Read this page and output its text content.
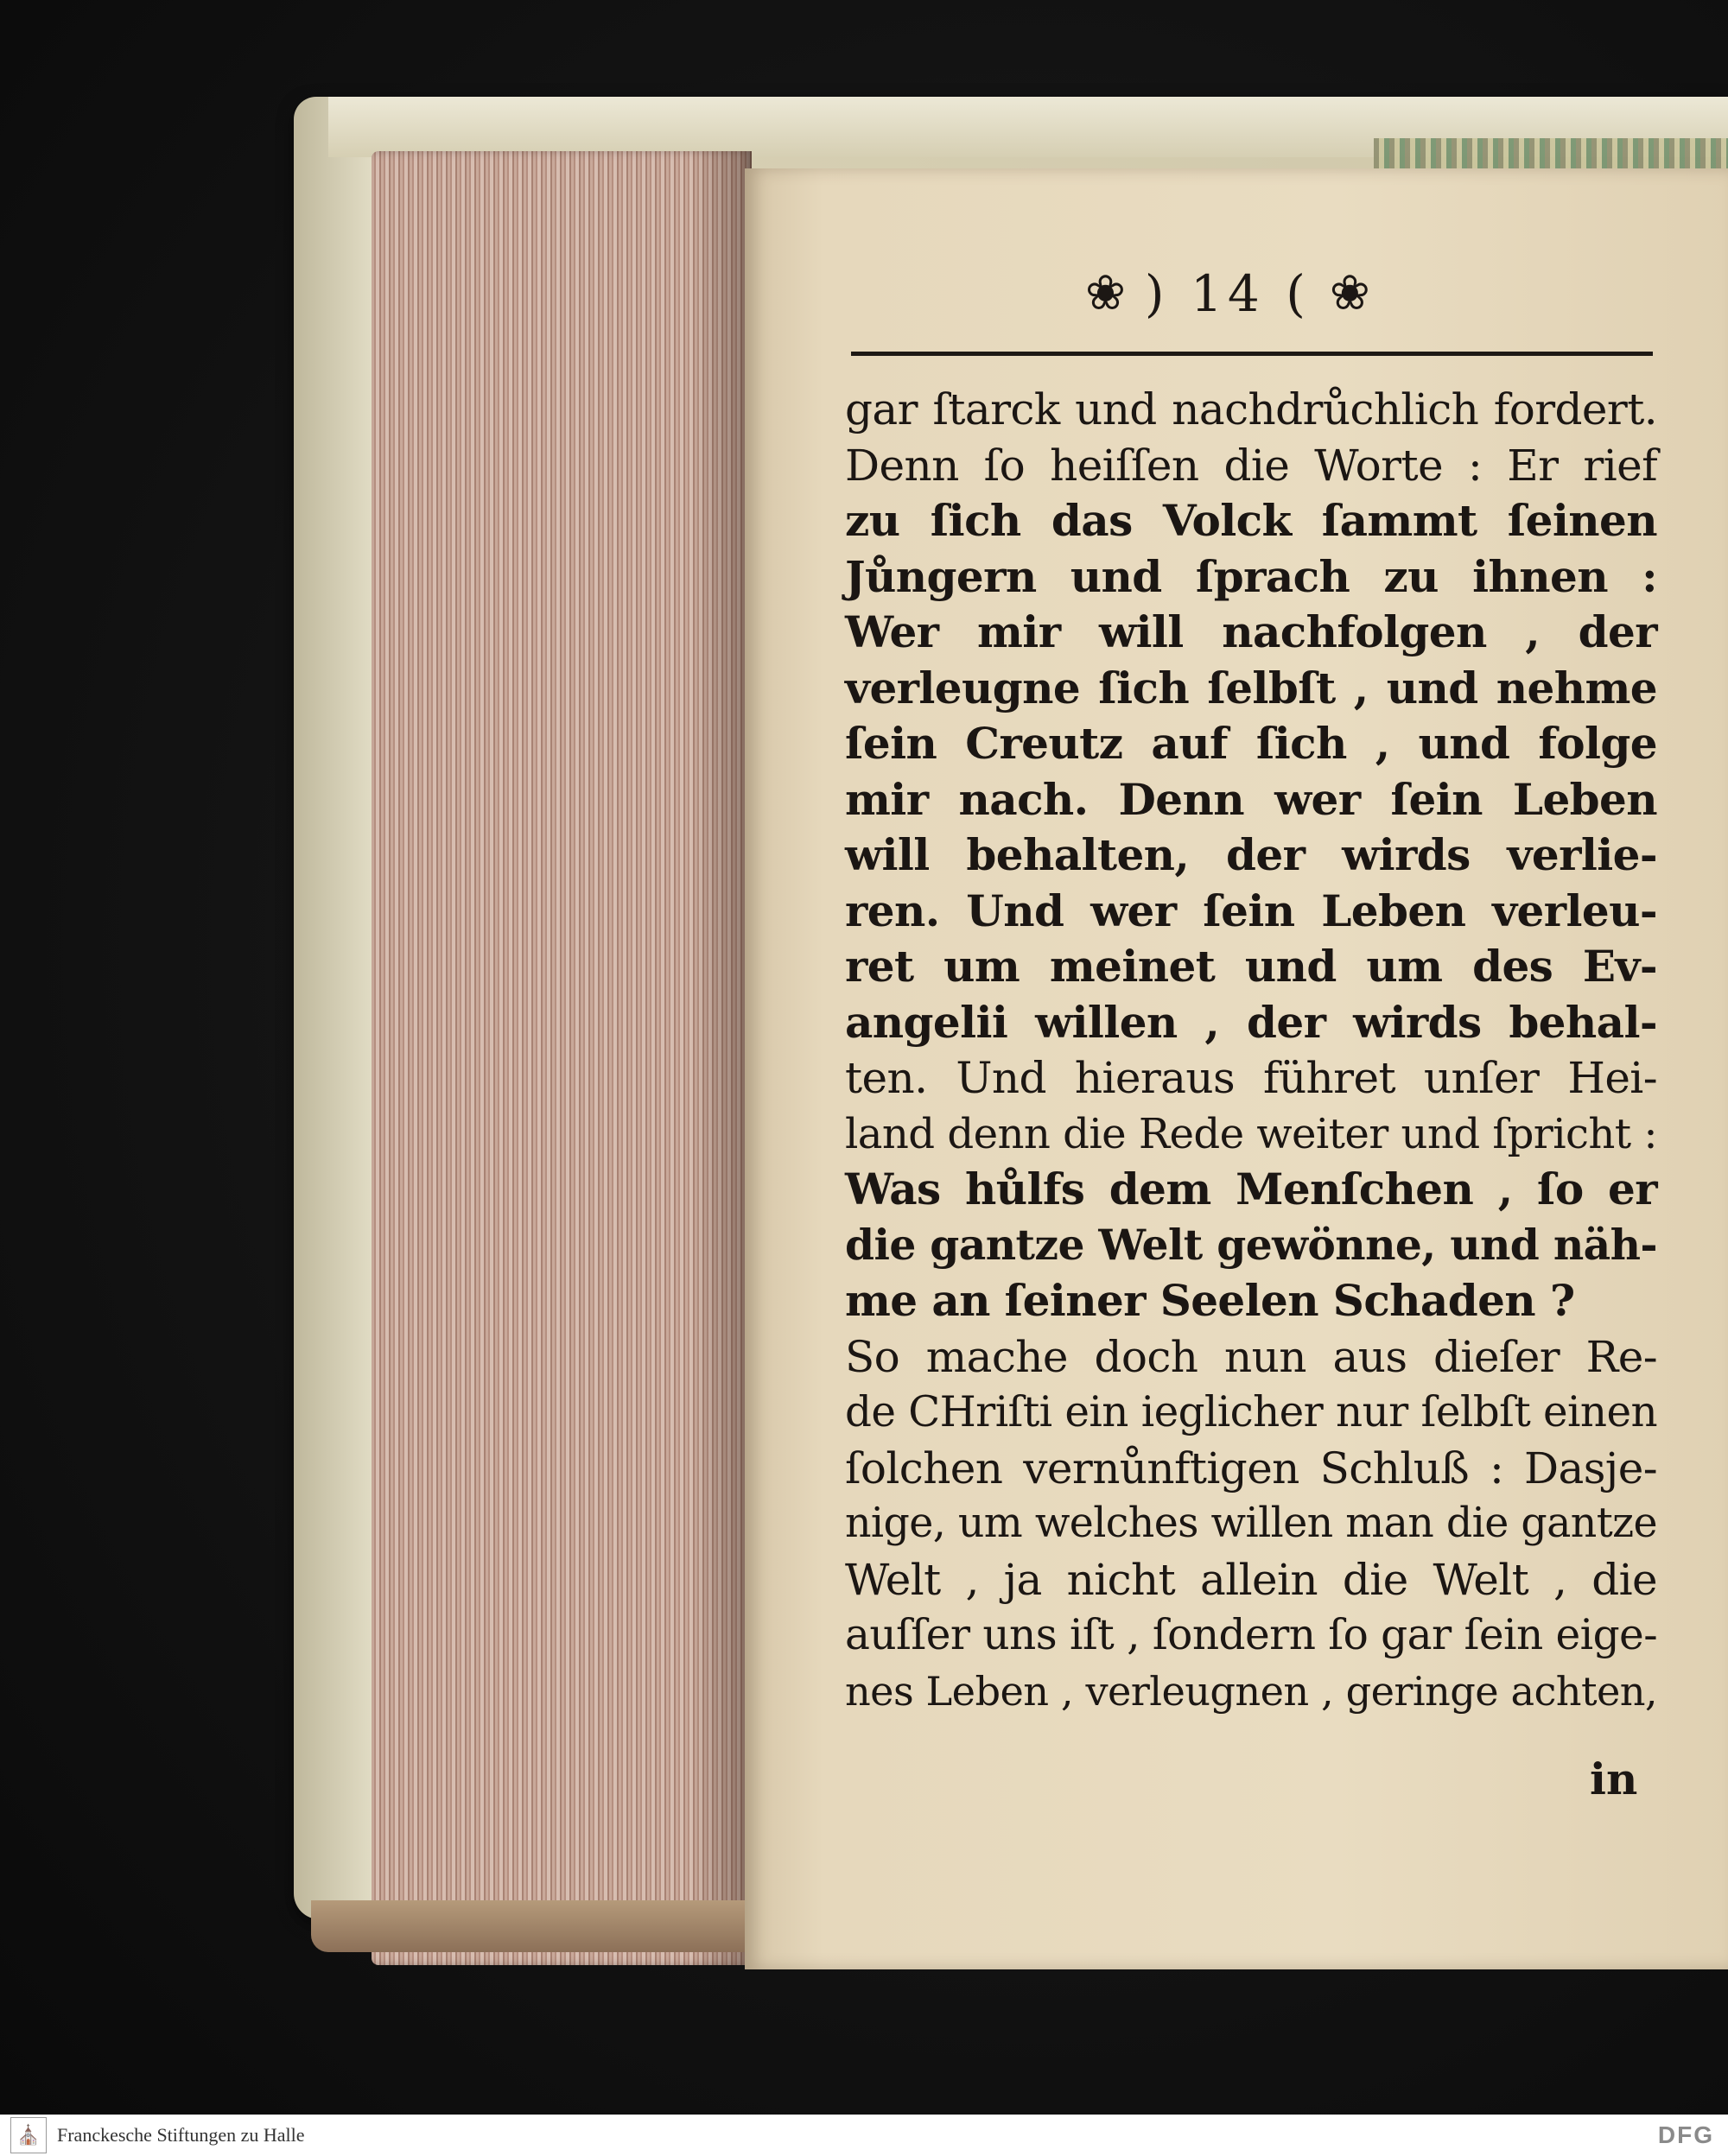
❀ ) 14 ( ❀
gar ſtarck und nachdrůchlich fordert.
Denn ſo heiſſen die Worte : Er rief
zu ſich das Volck ſammt ſeinen
Jůngern und ſprach zu ihnen :
Wer mir will nachfolgen , der
verleugne ſich ſelbſt , und nehme
ſein Creutz auf ſich , und folge
mir nach. Denn wer ſein Leben
will behalten, der wirds verlie-
ren. Und wer ſein Leben verleu-
ret um meinet und um des Ev-
angelii willen , der wirds behal-
ten. Und hieraus führet unſer Hei-
land denn die Rede weiter und ſpricht :
Was hůlfs dem Menſchen , ſo er
die gantze Welt gewönne, und näh-
me an ſeiner Seelen Schaden ?
So mache doch nun aus dieſer Re-
de CHriſti ein ieglicher nur ſelbſt einen
ſolchen vernůnftigen Schluß : Dasje-
nige, um welches willen man die gantze
Welt , ja nicht allein die Welt , die
auſſer uns iſt , ſondern ſo gar ſein eige-
nes Leben , verleugnen , geringe achten,
in
⛪ Franckesche Stiftungen zu Halle	DFG
